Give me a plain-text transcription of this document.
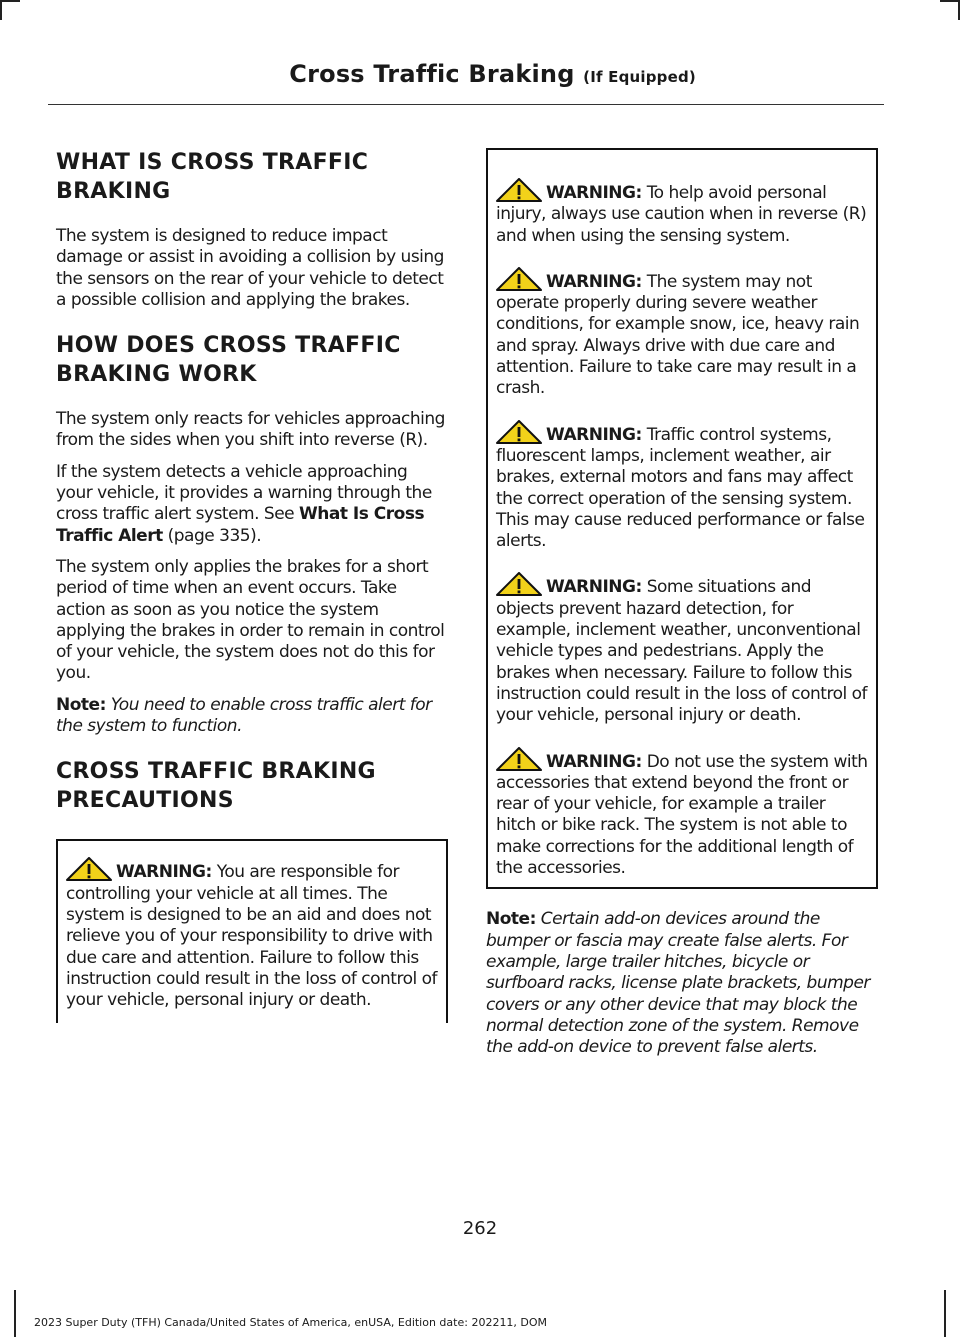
Cross Traffic Braking (If Equipped)
WHAT IS CROSS TRAFFIC BRAKING

The system is designed to reduce impact damage or assist in avoiding a collision by using the sensors on the rear of your vehicle to detect a possible collision and applying the brakes.

HOW DOES CROSS TRAFFIC BRAKING WORK

The system only reacts for vehicles approaching from the sides when you shift into reverse (R).

If the system detects a vehicle approaching your vehicle, it provides a warning through the cross traffic alert system. See What Is Cross Traffic Alert (page 335).

The system only applies the brakes for a short period of time when an event occurs. Take action as soon as you notice the system applying the brakes in order to remain in control of your vehicle, the system does not do this for you.

Note: You need to enable cross traffic alert for the system to function.

CROSS TRAFFIC BRAKING PRECAUTIONS
WARNING: You are responsible for controlling your vehicle at all times. The system is designed to be an aid and does not relieve you of your responsibility to drive with due care and attention. Failure to follow this instruction could result in the loss of control of your vehicle, personal injury or death.
WARNING: To help avoid personal injury, always use caution when in reverse (R) and when using the sensing system.
WARNING: The system may not operate properly during severe weather conditions, for example snow, ice, heavy rain and spray. Always drive with due care and attention. Failure to take care may result in a crash.
WARNING: Traffic control systems, fluorescent lamps, inclement weather, air brakes, external motors and fans may affect the correct operation of the sensing system. This may cause reduced performance or false alerts.
WARNING: Some situations and objects prevent hazard detection, for example, inclement weather, unconventional vehicle types and pedestrians. Apply the brakes when necessary. Failure to follow this instruction could result in the loss of control of your vehicle, personal injury or death.
WARNING: Do not use the system with accessories that extend beyond the front or rear of your vehicle, for example a trailer hitch or bike rack. The system is not able to make corrections for the additional length of the accessories.

Note: Certain add-on devices around the bumper or fascia may create false alerts. For example, large trailer hitches, bicycle or surfboard racks, license plate brackets, bumper covers or any other device that may block the normal detection zone of the system. Remove the add-on device to prevent false alerts.

262
2023 Super Duty (TFH) Canada/United States of America, enUSA, Edition date: 202211, DOM
